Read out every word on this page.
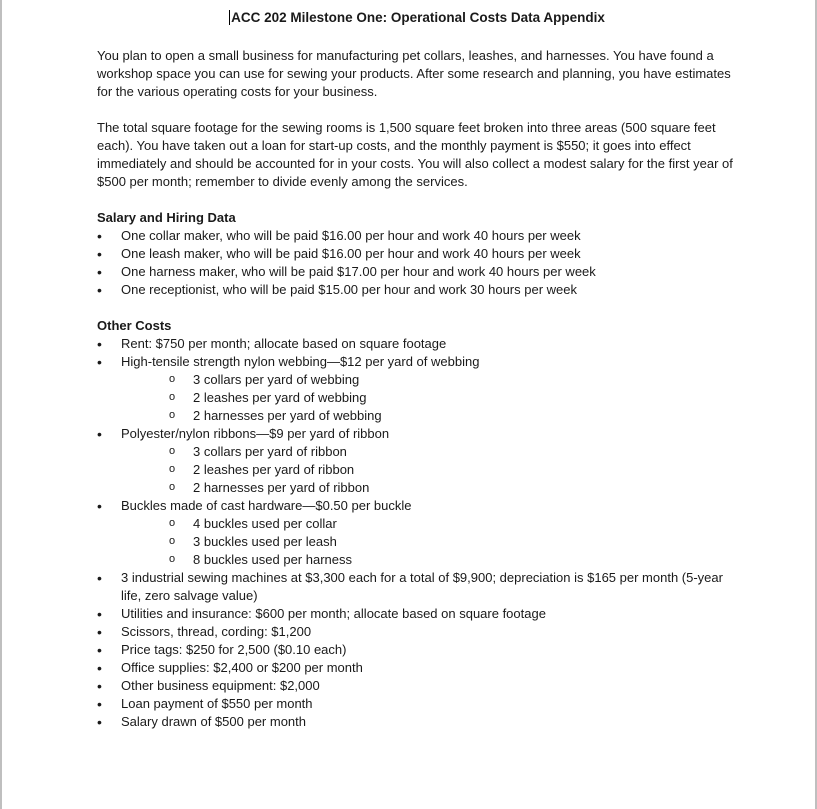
ACC 202 Milestone One: Operational Costs Data Appendix

You plan to open a small business for manufacturing pet collars, leashes, and harnesses. You have found a workshop space you can use for sewing your products. After some research and planning, you have estimates for the various operating costs for your business.

The total square footage for the sewing rooms is 1,500 square feet broken into three areas (500 square feet each). You have taken out a loan for start-up costs, and the monthly payment is $550; it goes into effect immediately and should be accounted for in your costs. You will also collect a modest salary for the first year of $500 per month; remember to divide evenly among the services.

Salary and Hiring Data
• One collar maker, who will be paid $16.00 per hour and work 40 hours per week
• One leash maker, who will be paid $16.00 per hour and work 40 hours per week
• One harness maker, who will be paid $17.00 per hour and work 40 hours per week
• One receptionist, who will be paid $15.00 per hour and work 30 hours per week
Other Costs
• Rent: $750 per month; allocate based on square footage
• High-tensile strength nylon webbing—$12 per yard of webbing
o 3 collars per yard of webbing
o 2 leashes per yard of webbing
o 2 harnesses per yard of webbing
• Polyester/nylon ribbons—$9 per yard of ribbon
o 3 collars per yard of ribbon
o 2 leashes per yard of ribbon
o 2 harnesses per yard of ribbon
• Buckles made of cast hardware—$0.50 per buckle
o 4 buckles used per collar
o 3 buckles used per leash
o 8 buckles used per harness
• 3 industrial sewing machines at $3,300 each for a total of $9,900; depreciation is $165 per month (5-year life, zero salvage value)
• Utilities and insurance: $600 per month; allocate based on square footage
• Scissors, thread, cording: $1,200
• Price tags: $250 for 2,500 ($0.10 each)
• Office supplies: $2,400 or $200 per month
• Other business equipment: $2,000
• Loan payment of $550 per month
• Salary drawn of $500 per month
